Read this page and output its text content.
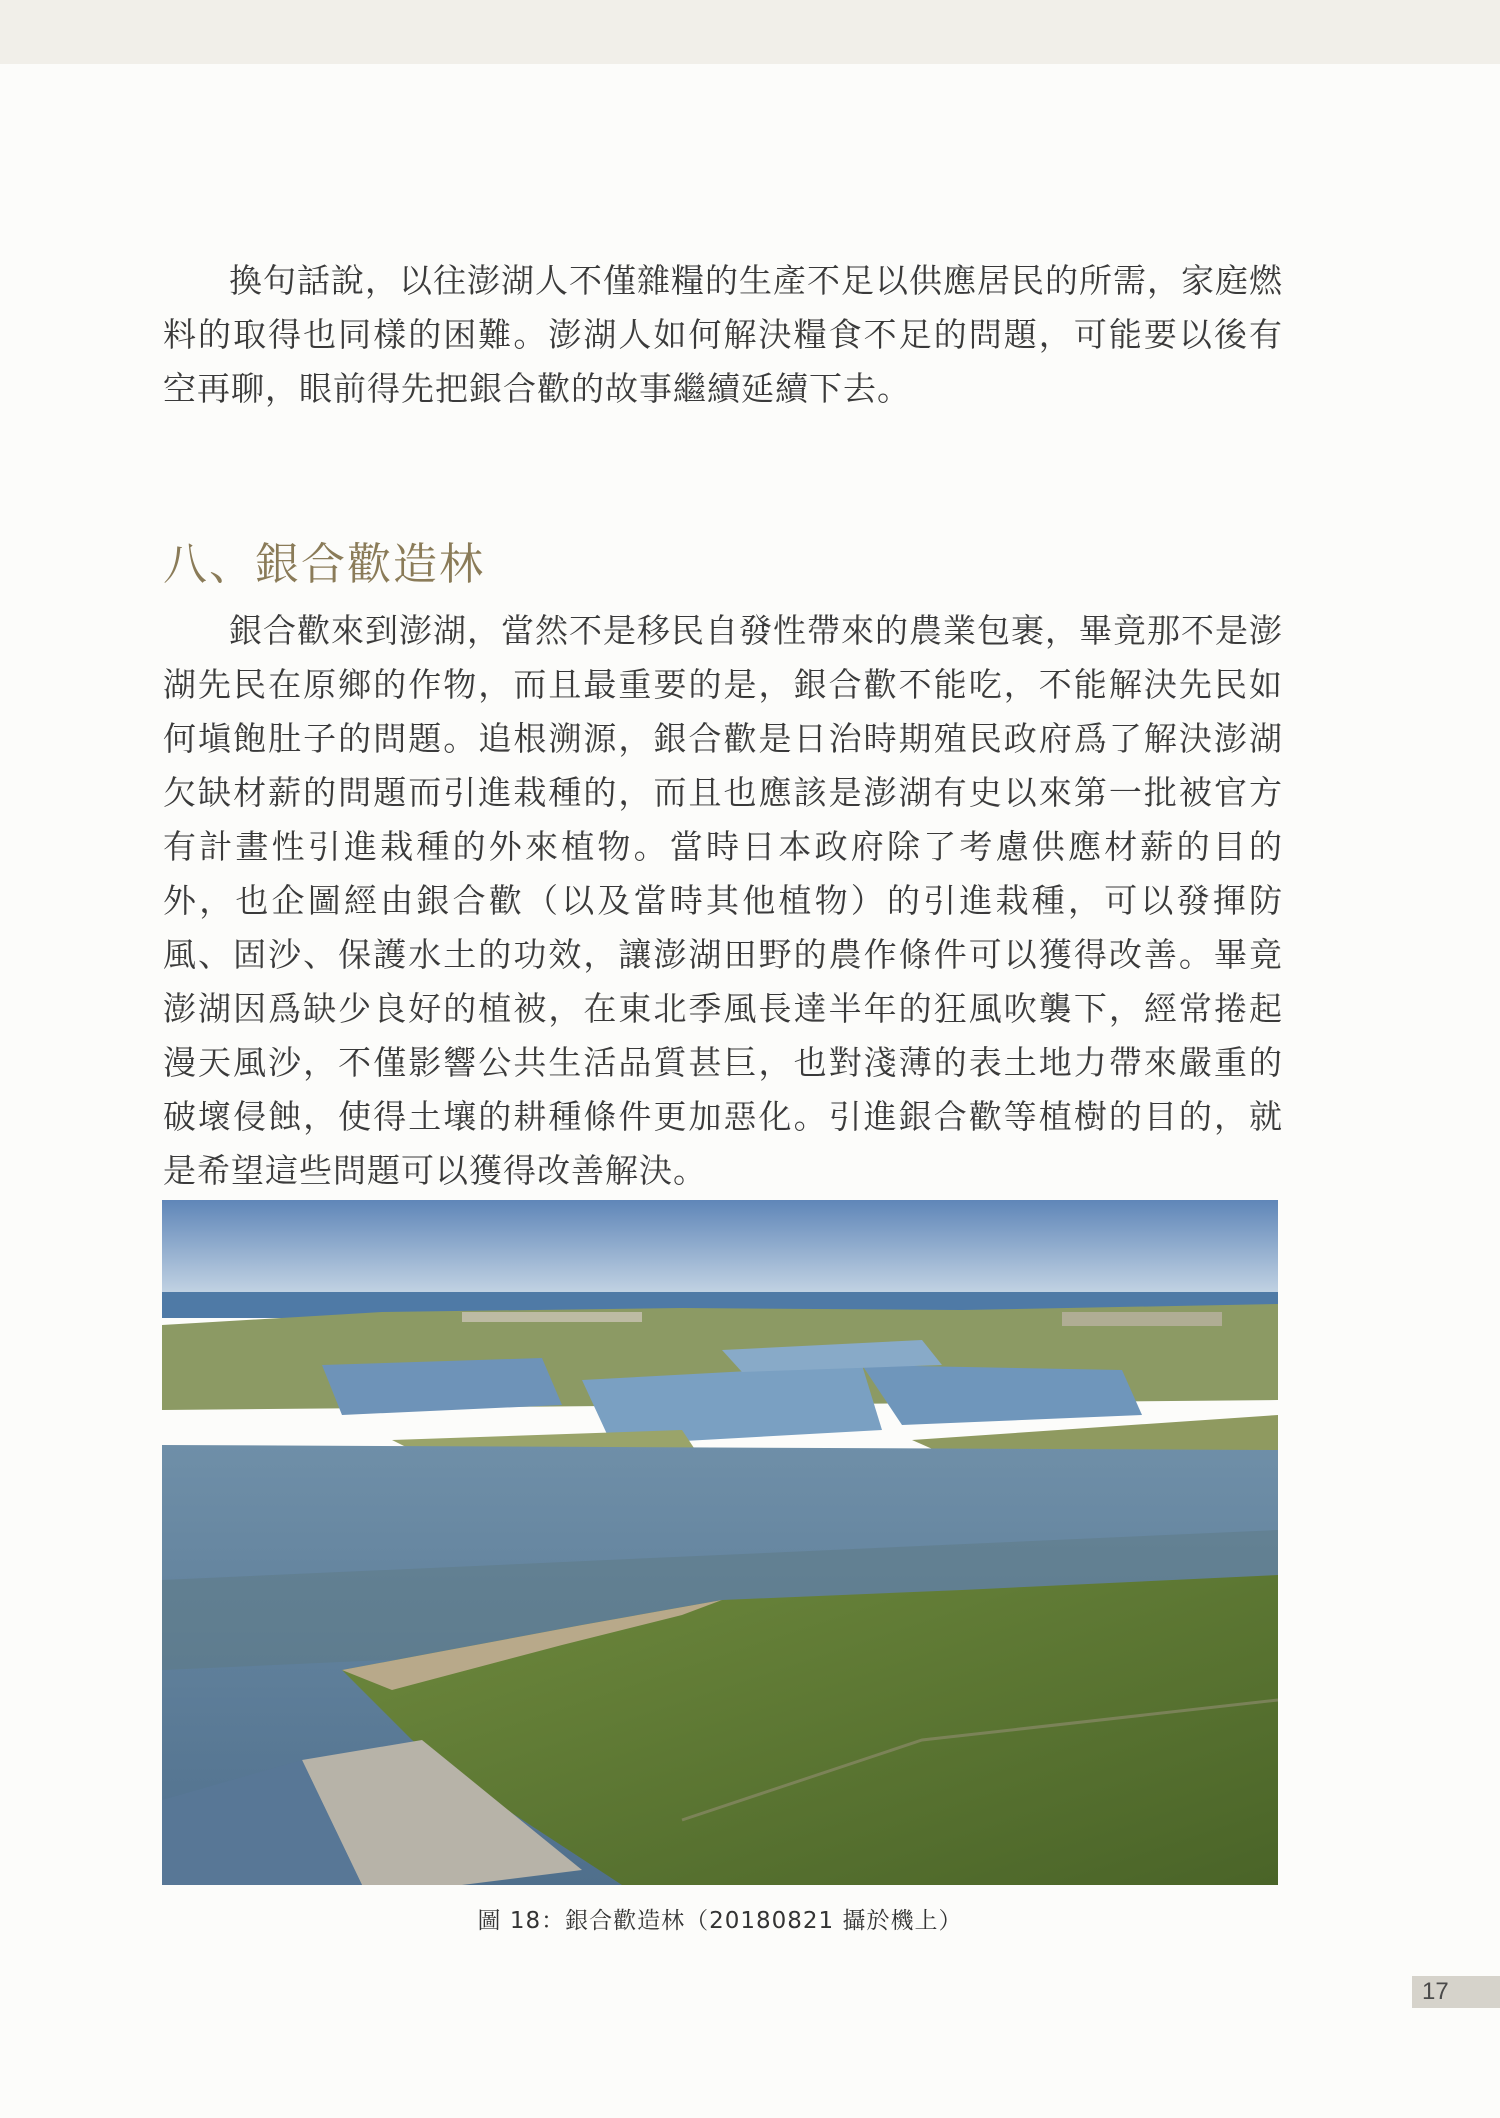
換句話說，以往澎湖人不僅雜糧的生產不足以供應居民的所需，家庭燃料的取得也同樣的困難。澎湖人如何解決糧食不足的問題，可能要以後有空再聊，眼前得先把銀合歡的故事繼續延續下去。

八、銀合歡造林

銀合歡來到澎湖，當然不是移民自發性帶來的農業包裹，畢竟那不是澎湖先民在原鄉的作物，而且最重要的是，銀合歡不能吃，不能解決先民如何塡飽肚子的問題。追根溯源，銀合歡是日治時期殖民政府爲了解決澎湖欠缺材薪的問題而引進栽種的，而且也應該是澎湖有史以來第一批被官方有計畫性引進栽種的外來植物。當時日本政府除了考慮供應材薪的目的外，也企圖經由銀合歡（以及當時其他植物）的引進栽種，可以發揮防風、固沙、保護水土的功效，讓澎湖田野的農作條件可以獲得改善。畢竟澎湖因爲缺少良好的植被，在東北季風長達半年的狂風吹襲下，經常捲起漫天風沙，不僅影響公共生活品質甚巨，也對淺薄的表土地力帶來嚴重的破壞侵蝕，使得土壤的耕種條件更加惡化。引進銀合歡等植樹的目的，就是希望這些問題可以獲得改善解決。

圖 18：銀合歡造林（20180821 攝於機上）
17
